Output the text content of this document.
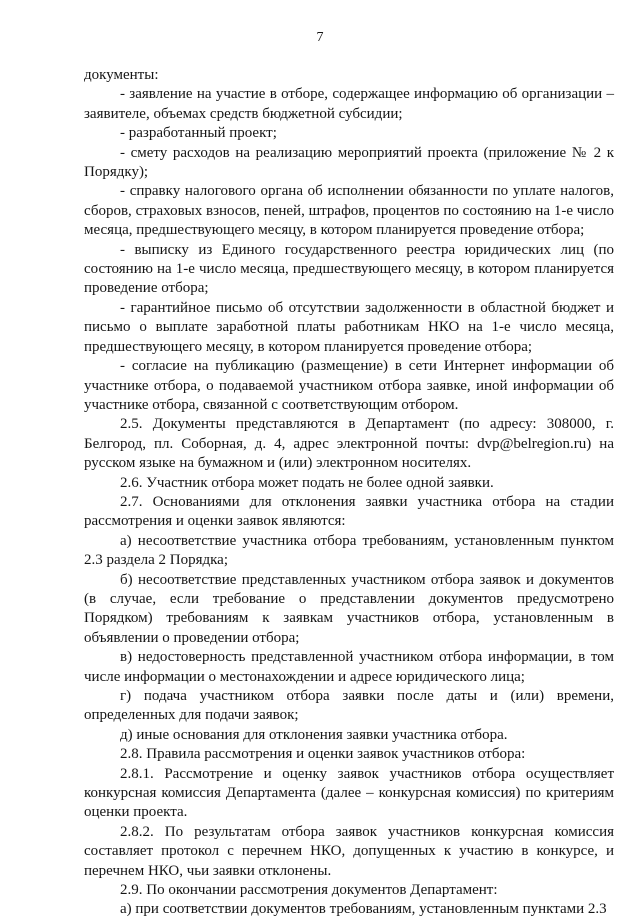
7

документы:

- заявление на участие в отборе, содержащее информацию об организации – заявителе, объемах средств бюджетной субсидии;

- разработанный проект;

- смету расходов на реализацию мероприятий проекта (приложение № 2 к Порядку);

- справку налогового органа об исполнении обязанности по уплате налогов, сборов, страховых взносов, пеней, штрафов, процентов по состоянию на 1-е число месяца, предшествующего месяцу, в котором планируется проведение отбора;

- выписку из Единого государственного реестра юридических лиц (по состоянию на 1-е число месяца, предшествующего месяцу, в котором планируется проведение отбора;

- гарантийное письмо об отсутствии задолженности в областной бюджет и письмо о выплате заработной платы работникам НКО на 1-е число месяца, предшествующего месяцу, в котором планируется проведение отбора;

- согласие на публикацию (размещение) в сети Интернет информации об участнике отбора, о подаваемой участником отбора заявке, иной информации об участнике отбора, связанной с соответствующим отбором.

2.5. Документы представляются в Департамент (по адресу: 308000, г. Белгород, пл. Соборная, д. 4, адрес электронной почты: dvp@belregion.ru) на русском языке на бумажном и (или) электронном носителях.

2.6. Участник отбора может подать не более одной заявки.

2.7. Основаниями для отклонения заявки участника отбора на стадии рассмотрения и оценки заявок являются:

а) несоответствие участника отбора требованиям, установленным пунктом 2.3 раздела 2 Порядка;

б) несоответствие представленных участником отбора заявок и документов (в случае, если требование о представлении документов предусмотрено Порядком) требованиям к заявкам участников отбора, установленным в объявлении о проведении отбора;

в) недостоверность представленной участником отбора информации, в том числе информации о местонахождении и адресе юридического лица;

г) подача участником отбора заявки после даты и (или) времени, определенных для подачи заявок;

д) иные основания для отклонения заявки участника отбора.

2.8. Правила рассмотрения и оценки заявок участников отбора:

2.8.1. Рассмотрение и оценку заявок участников отбора осуществляет конкурсная комиссия Департамента (далее – конкурсная комиссия) по критериям оценки проекта.

2.8.2. По результатам отбора заявок участников конкурсная комиссия составляет протокол с перечнем НКО, допущенных к участию в конкурсе, и перечнем НКО, чьи заявки отклонены.

2.9. По окончании рассмотрения документов Департамент:

а) при соответствии документов требованиям, установленным пунктами 2.3
